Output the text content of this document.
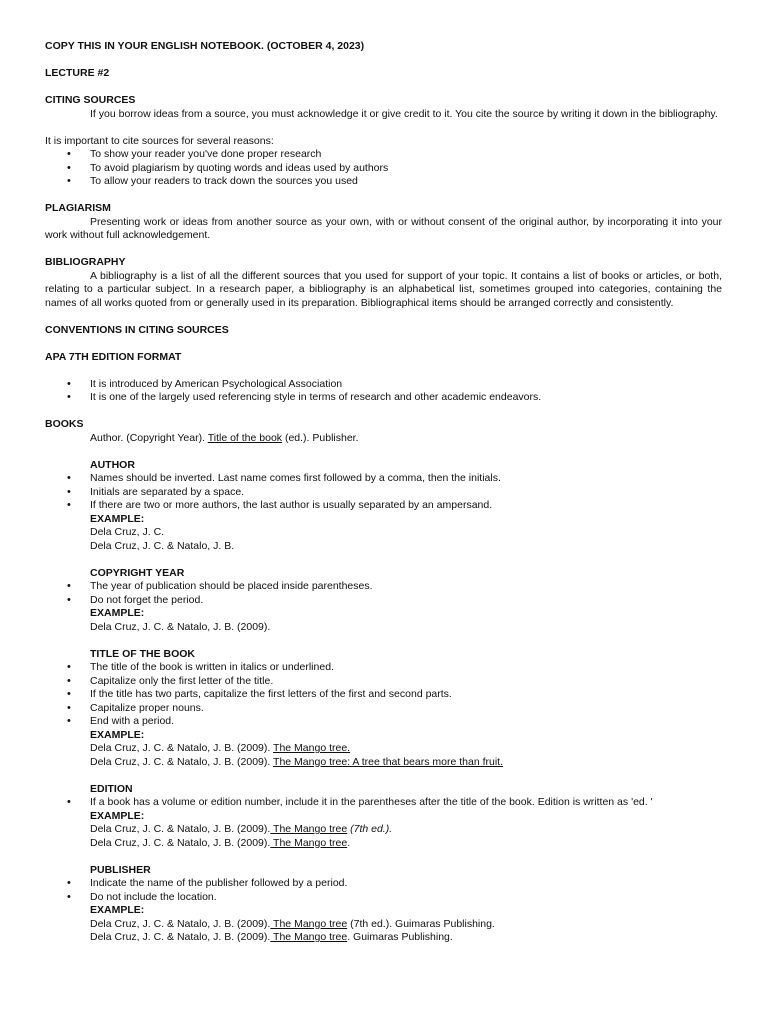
COPY THIS IN YOUR ENGLISH NOTEBOOK. (OCTOBER 4, 2023)

LECTURE #2

CITING SOURCES

If you borrow ideas from a source, you must acknowledge it or give credit to it. You cite the source by writing it down in the bibliography.

It is important to cite sources for several reasons:

• To show your reader you've done proper research
• To avoid plagiarism by quoting words and ideas used by authors
• To allow your readers to track down the sources you used

PLAGIARISM

Presenting work or ideas from another source as your own, with or without consent of the original author, by incorporating it into your work without full acknowledgement.

BIBLIOGRAPHY

A bibliography is a list of all the different sources that you used for support of your topic. It contains a list of books or articles, or both, relating to a particular subject. In a research paper, a bibliography is an alphabetical list, sometimes grouped into categories, containing the names of all works quoted from or generally used in its preparation. Bibliographical items should be arranged correctly and consistently.

CONVENTIONS IN CITING SOURCES

APA 7TH EDITION FORMAT

• It is introduced by American Psychological Association
• It is one of the largely used referencing style in terms of research and other academic endeavors.

BOOKS

Author. (Copyright Year). Title of the book (ed.). Publisher.

AUTHOR

• Names should be inverted. Last name comes first followed by a comma, then the initials.
• Initials are separated by a space.
• If there are two or more authors, the last author is usually separated by an ampersand.

EXAMPLE:

Dela Cruz, J. C.

Dela Cruz, J. C. & Natalo, J. B.

COPYRIGHT YEAR

• The year of publication should be placed inside parentheses.
• Do not forget the period.

EXAMPLE:

Dela Cruz, J. C. & Natalo, J. B. (2009).

TITLE OF THE BOOK

• The title of the book is written in italics or underlined.
• Capitalize only the first letter of the title.
• If the title has two parts, capitalize the first letters of the first and second parts.
• Capitalize proper nouns.
• End with a period.

EXAMPLE:

Dela Cruz, J. C. & Natalo, J. B. (2009). The Mango tree.

Dela Cruz, J. C. & Natalo, J. B. (2009). The Mango tree: A tree that bears more than fruit.

EDITION

• If a book has a volume or edition number, include it in the parentheses after the title of the book. Edition is written as 'ed. '

EXAMPLE:

Dela Cruz, J. C. & Natalo, J. B. (2009). The Mango tree (7th ed.).

Dela Cruz, J. C. & Natalo, J. B. (2009). The Mango tree.

PUBLISHER

• Indicate the name of the publisher followed by a period.
• Do not include the location.

EXAMPLE:

Dela Cruz, J. C. & Natalo, J. B. (2009). The Mango tree (7th ed.). Guimaras Publishing.

Dela Cruz, J. C. & Natalo, J. B. (2009). The Mango tree. Guimaras Publishing.
